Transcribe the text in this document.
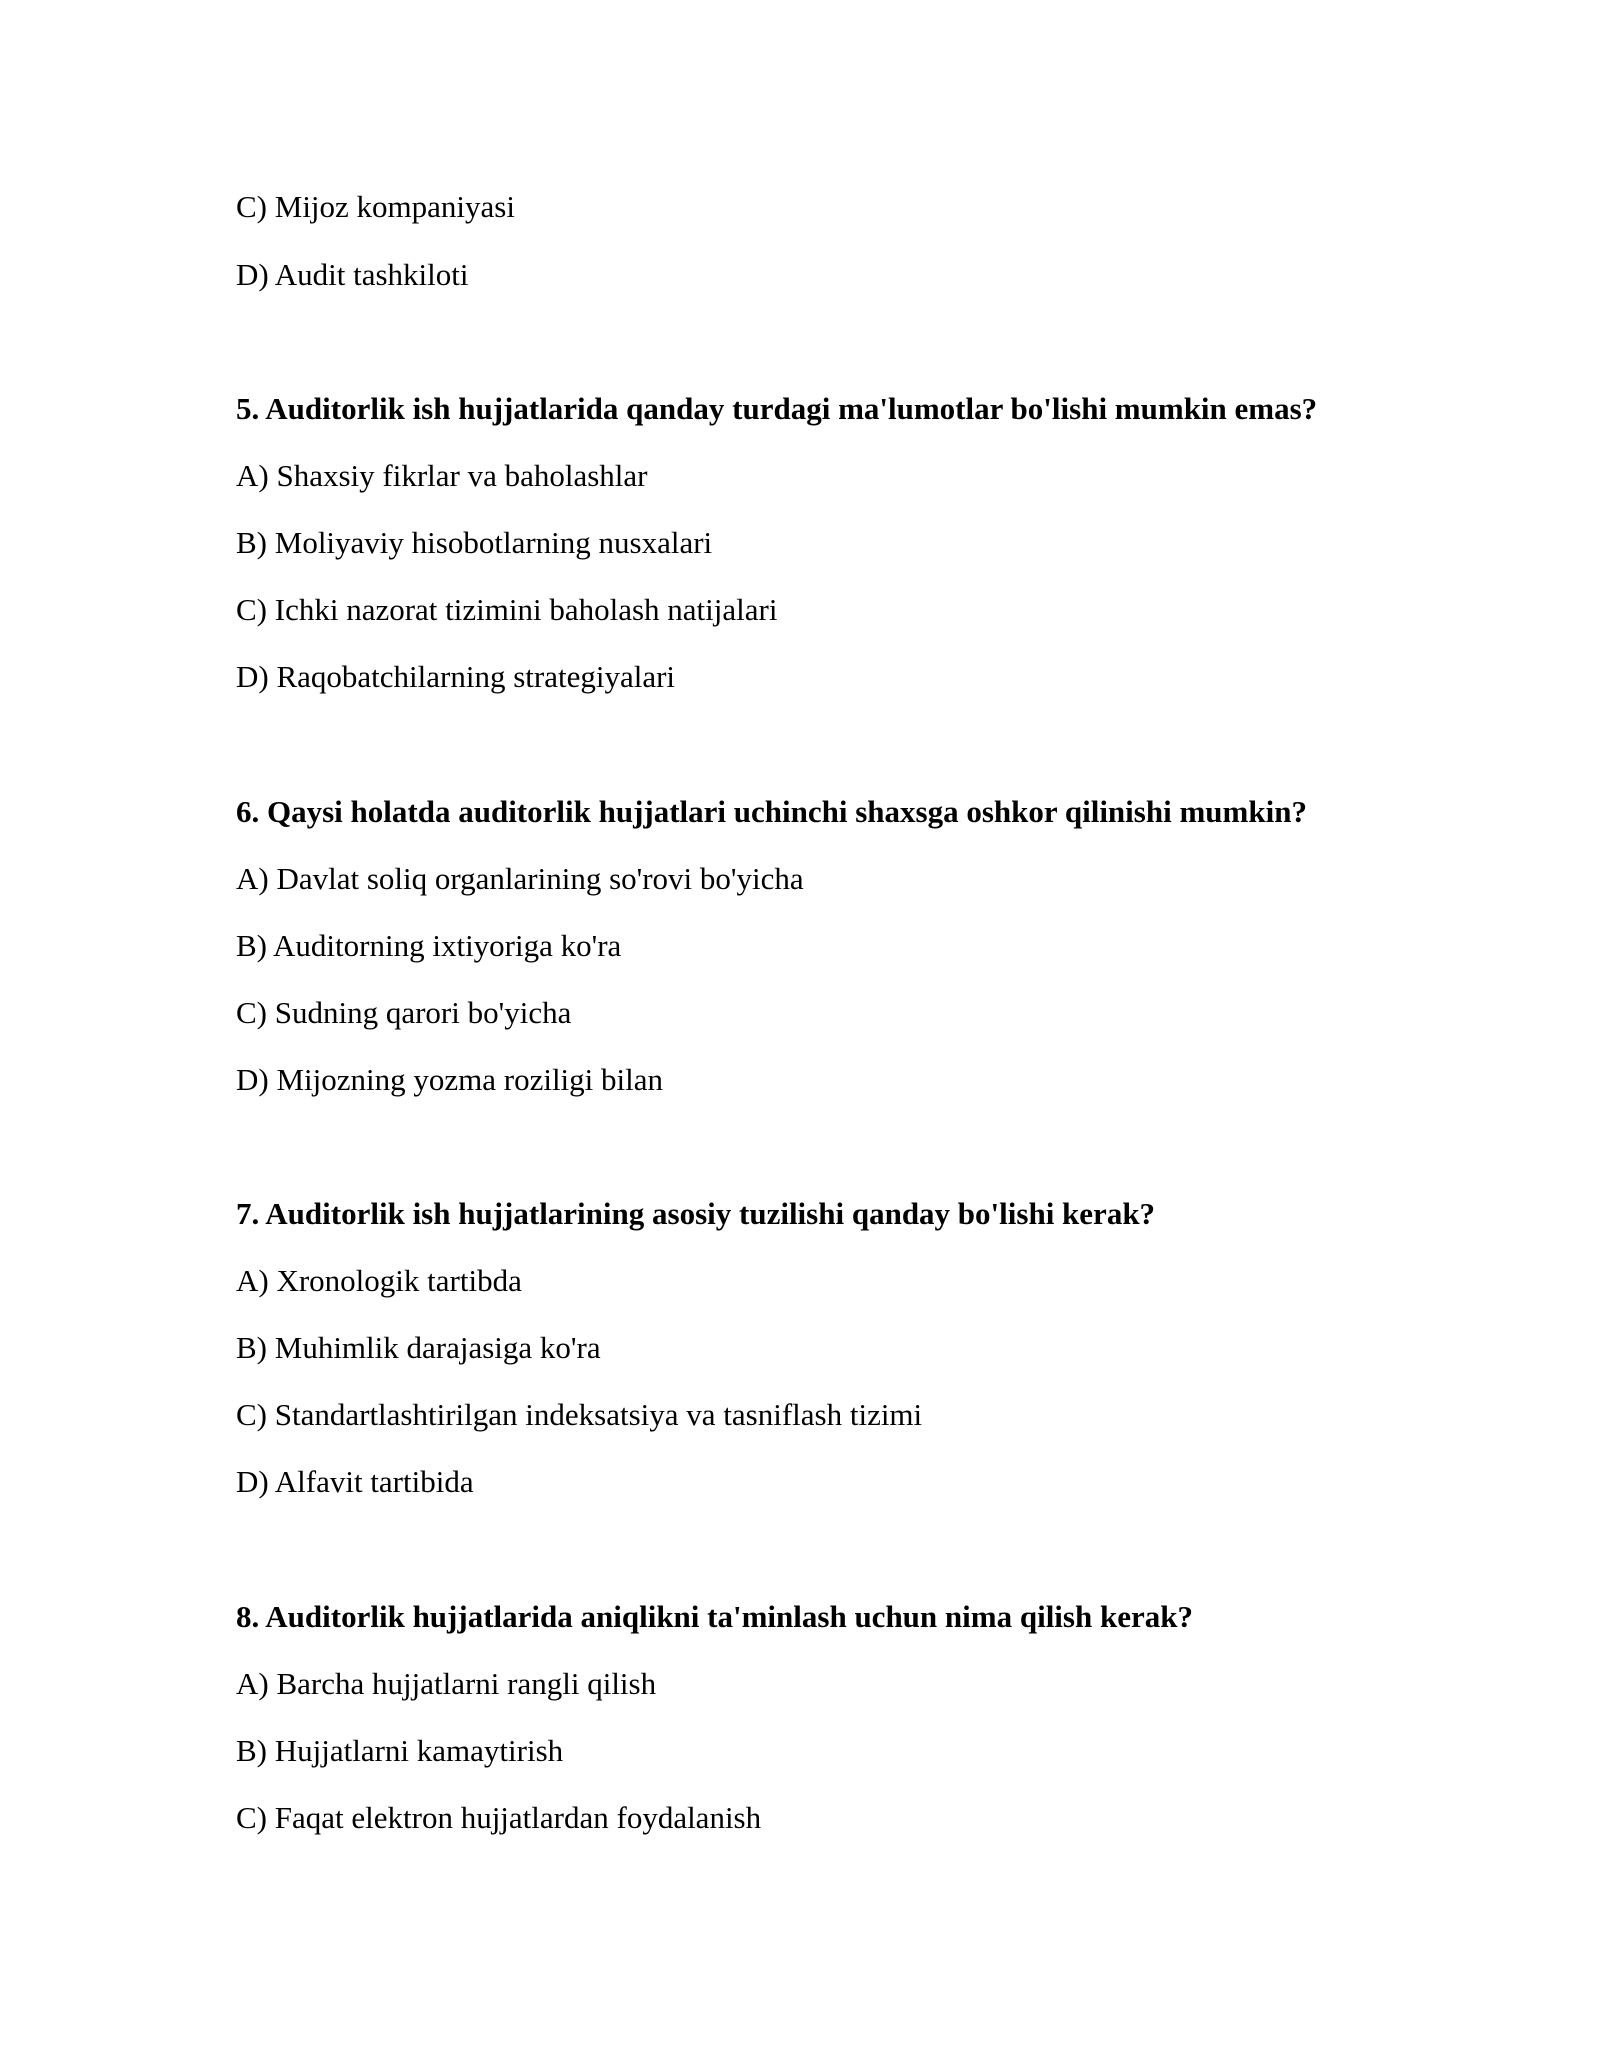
C) Mijoz kompaniyasi
D) Audit tashkiloti
5. Auditorlik ish hujjatlarida qanday turdagi ma'lumotlar bo'lishi mumkin emas?
A) Shaxsiy fikrlar va baholashlar
B) Moliyaviy hisobotlarning nusxalari
C) Ichki nazorat tizimini baholash natijalari
D) Raqobatchilarning strategiyalari
6. Qaysi holatda auditorlik hujjatlari uchinchi shaxsga oshkor qilinishi mumkin?
A) Davlat soliq organlarining so'rovi bo'yicha
B) Auditorning ixtiyoriga ko'ra
C) Sudning qarori bo'yicha
D) Mijozning yozma roziligi bilan
7. Auditorlik ish hujjatlarining asosiy tuzilishi qanday bo'lishi kerak?
A) Xronologik tartibda
B) Muhimlik darajasiga ko'ra
C) Standartlashtirilgan indeksatsiya va tasniflash tizimi
D) Alfavit tartibida
8. Auditorlik hujjatlarida aniqlikni ta'minlash uchun nima qilish kerak?
A) Barcha hujjatlarni rangli qilish
B) Hujjatlarni kamaytirish
C) Faqat elektron hujjatlardan foydalanish
